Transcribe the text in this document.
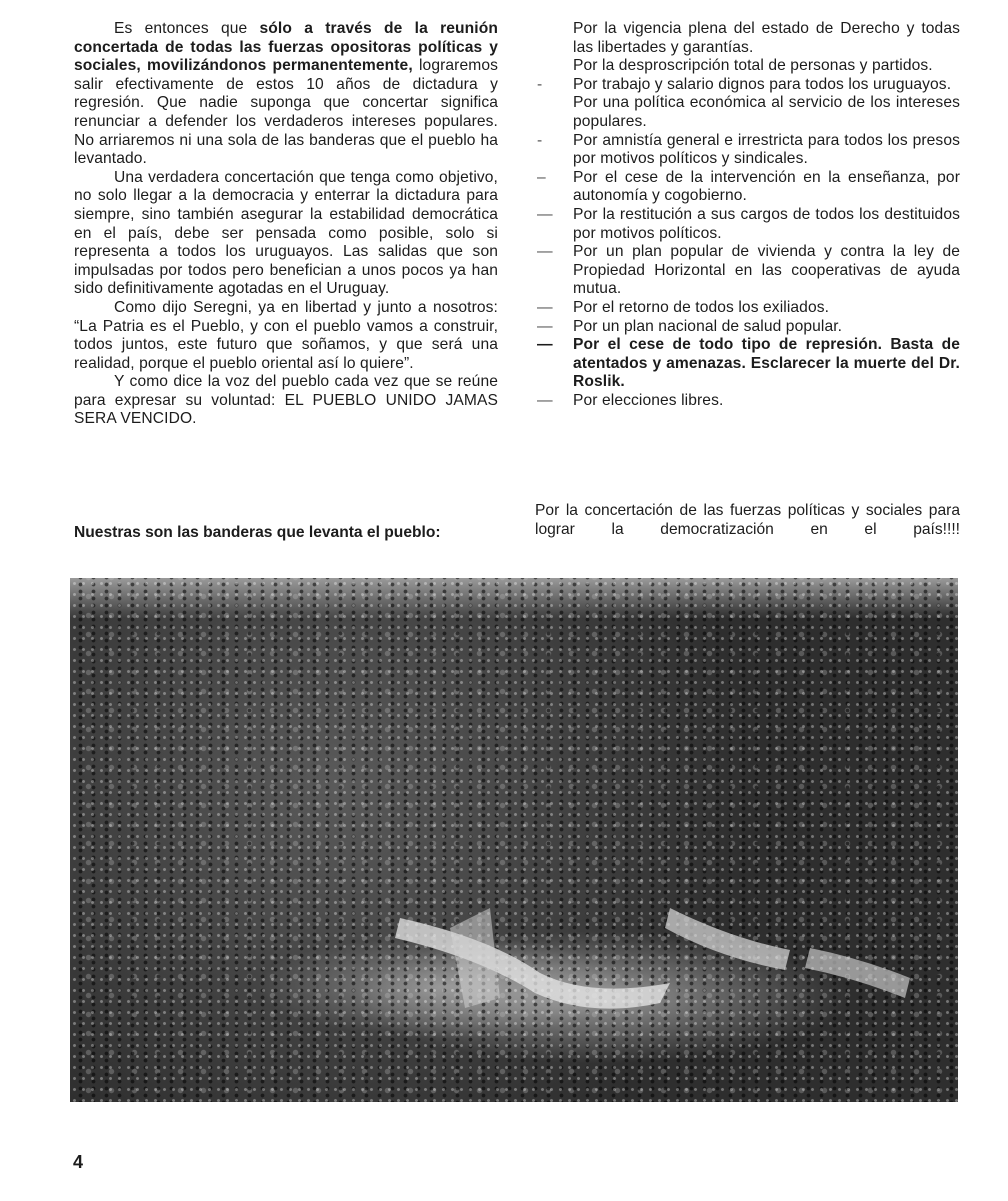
Es entonces que sólo a través de la reunión concertada de todas las fuerzas opositoras políticas y sociales, movilizándonos permanentemente, lograremos salir efectivamente de estos 10 años de dictadura y regresión. Que nadie suponga que concertar significa renunciar a defender los verdaderos intereses populares. No arriaremos ni una sola de las banderas que el pueblo ha levantado.

Una verdadera concertación que tenga como objetivo, no solo llegar a la democracia y enterrar la dictadura para siempre, sino también asegurar la estabilidad democrática en el país, debe ser pensada como posible, solo si representa a todos los uruguayos. Las salidas que son impulsadas por todos pero benefician a unos pocos ya han sido definitivamente agotadas en el Uruguay.

Como dijo Seregni, ya en libertad y junto a nosotros: “La Patria es el Pueblo, y con el pueblo vamos a construir, todos juntos, este futuro que soñamos, y que será una realidad, porque el pueblo oriental así lo quiere”.

Y como dice la voz del pueblo cada vez que se reúne para expresar su voluntad: EL PUEBLO UNIDO JAMAS SERA VENCIDO.

Nuestras son las banderas que levanta el pueblo:
Por la vigencia plena del estado de Derecho y todas las libertades y garantías.
Por la desproscripción total de personas y partidos.
-	Por trabajo y salario dignos para todos los uruguayos.
Por una política económica al servicio de los intereses populares.
-	Por amnistía general e irrestricta para todos los presos por motivos políticos y sindicales.
–	Por el cese de la intervención en la enseñanza, por autonomía y cogobierno.
—	Por la restitución a sus cargos de todos los destituidos por motivos políticos.
—	Por un plan popular de vivienda y contra la ley de Propiedad Horizontal en las cooperativas de ayuda mutua.
—	Por el retorno de todos los exiliados.
—	Por un plan nacional de salud popular.
—	Por el cese de todo tipo de represión. Basta de atentados y amenazas. Esclarecer la muerte del Dr. Roslik.
—	Por elecciones libres.
Por la concertación de las fuerzas políticas y sociales para lograr la democratización en el país!!!!
4
